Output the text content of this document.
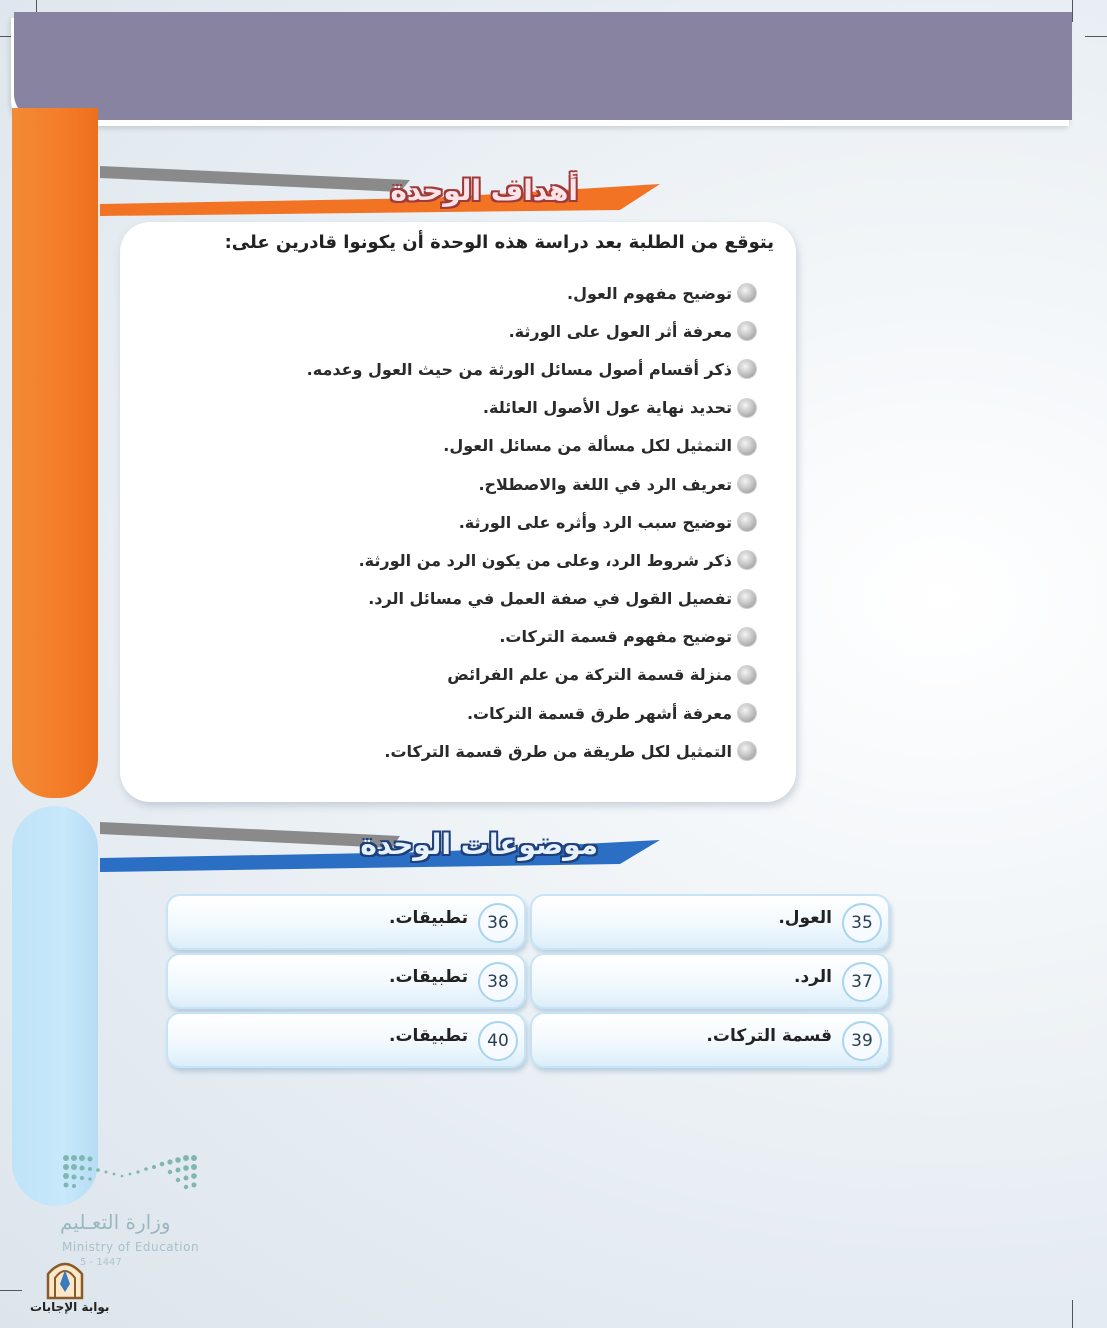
أهداف الوحدة
يتوقع من الطلبة بعد دراسة هذه الوحدة أن يكونوا قادرين على:
توضيح مفهوم العول.
معرفة أثر العول على الورثة.
ذكر أقسام أصول مسائل الورثة من حيث العول وعدمه.
تحديد نهاية عول الأصول العائلة.
التمثيل لكل مسألة من مسائل العول.
تعريف الرد في اللغة والاصطلاح.
توضيح سبب الرد وأثره على الورثة.
ذكر شروط الرد، وعلى من يكون الرد من الورثة.
تفصيل القول في صفة العمل في مسائل الرد.
توضيح مفهوم قسمة التركات.
منزلة قسمة التركة من علم الفرائض
معرفة أشهر طرق قسمة التركات.
التمثيل لكل طريقة من طرق قسمة التركات.
موضوعات الوحدة
35
العول.
36
تطبيقات.
37
الرد.
38
تطبيقات.
39
قسمة التركات.
40
تطبيقات.
وزارة التعـليم
Ministry of Education
5 - 1447
بوابة الإجابات
